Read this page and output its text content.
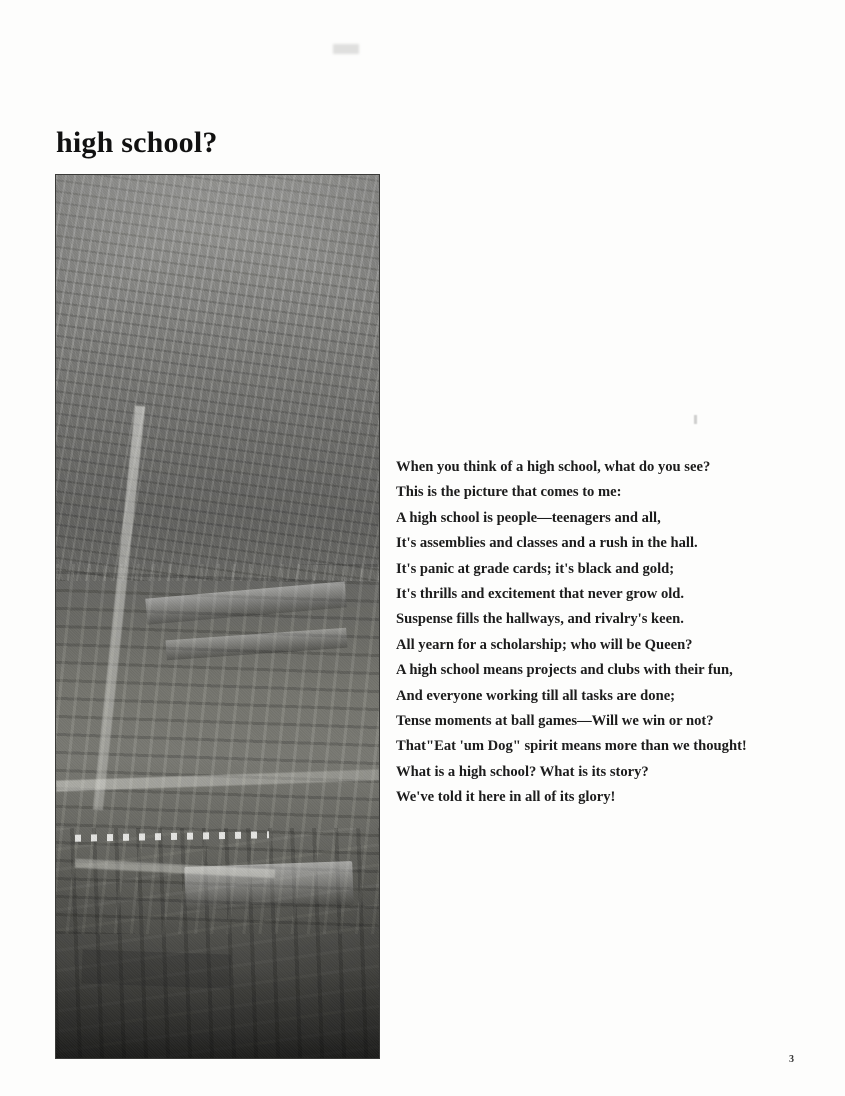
high school?
When you think of a high school, what do you see?
This is the picture that comes to me:
A high school is people—teenagers and all,
It's assemblies and classes and a rush in the hall.
It's panic at grade cards; it's black and gold;
It's thrills and excitement that never grow old.
Suspense fills the hallways, and rivalry's keen.
All yearn for a scholarship; who will be Queen?
A high school means projects and clubs with their fun,
And everyone working till all tasks are done;
Tense moments at ball games—Will we win or not?
That"Eat 'um Dog" spirit means more than we thought!
What is a high school? What is its story?
We've told it here in all of its glory!
3
